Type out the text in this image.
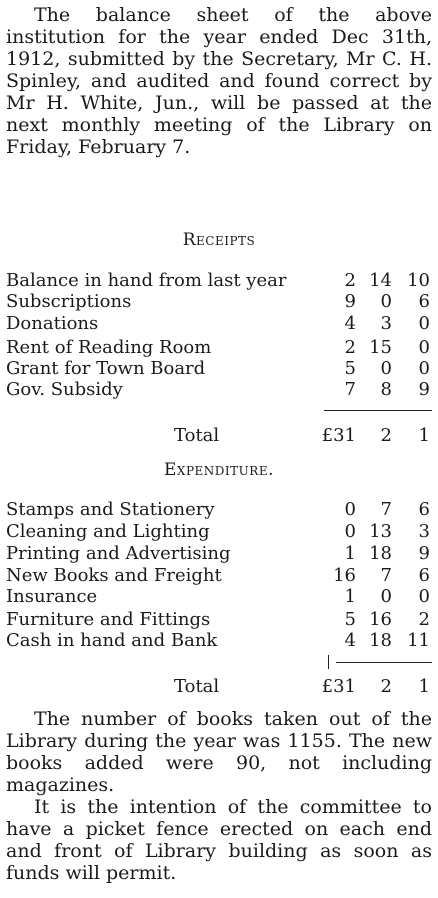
The balance sheet of the above institution for the year ended Dec 31th, 1912, submitted by the Secretary, Mr C. H. Spinley, and audited and found correct by Mr H. White, Jun., will be passed at the next monthly meeting of the Library on Friday, February 7.

Receipts
Balance in hand from last year	2 14 10
Subscriptions	9	0	6
Donations	4	3	0
Rent of Reading Room	2 15	0
Grant for Town Board	5	0	0
Gov. Subsidy	7	8	9
Total	£31	2	1
Expenditure.
Stamps and Stationery	0	7	6
Cleaning and Lighting	0 13	3
Printing and Advertising	1 18	9
New Books and Freight	16	7	6
Insurance	1	0	0
Furniture and Fittings	5 16	2
Cash in hand and Bank	4 18 11
Total	£31	2	1

The number of books taken out of the Library during the year was 1155. The new books added were 90, not including magazines.

It is the intention of the committee to have a picket fence erected on each end and front of Library building as soon as funds will permit.
